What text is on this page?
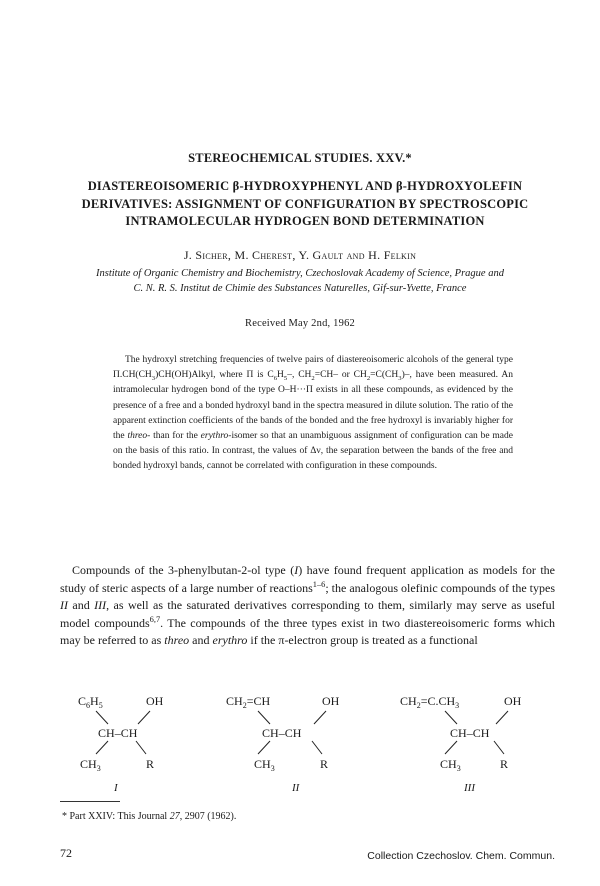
STEREOCHEMICAL STUDIES. XXV.*
DIASTEREOISOMERIC β-HYDROXYPHENYL AND β-HYDROXYOLEFIN
DERIVATIVES: ASSIGNMENT OF CONFIGURATION BY SPECTROSCOPIC
INTRAMOLECULAR HYDROGEN BOND DETERMINATION
J. Sicher, M. Cherest, Y. Gault and H. Felkin
Institute of Organic Chemistry and Biochemistry, Czechoslovak Academy of Science, Prague and
C. N. R. S. Institut de Chimie des Substances Naturelles, Gif-sur-Yvette, France
Received May 2nd, 1962

The hydroxyl stretching frequencies of twelve pairs of diastereoisomeric alcohols of the general type $\Pi.CH(CH_3)CH(OH)Alkyl$, where Π is $C_6H_5-$, $CH_2=CH-$ or $CH_2=C(CH_3)-$, have been measured. An intramolecular hydrogen bond of the type O–H···Π exists in all these compounds, as evidenced by the presence of a free and a bonded hydroxyl band in the spectra measured in dilute solution. The ratio of the apparent extinction coefficients of the bands of the bonded and the free hydroxyl is invariably higher for the threo- than for the erythro-isomer so that an unambiguous assignment of configuration can be made on the basis of this ratio. In contrast, the values of Δν, the separation between the bands of the free and bonded hydroxyl bands, cannot be correlated with configuration in these compounds.

Compounds of the 3-phenylbutan-2-ol type (I) have found frequent application as models for the study of steric aspects of a large number of reactions$^{1-6}$; the analogous olefinic compounds of the types II and III, as well as the saturated derivatives corresponding to them, similarly may serve as useful model compounds$^{6,7}$. The compounds of the three types exist in two diastereoisomeric forms which may be referred to as threo and erythro if the π-electron group is treated as a functional

$C_6H_5$	OH
CH–CH
$CH_3$	R
$CH_2=CH$	OH
CH–CH
$CH_3$	R
$CH_2=C.CH_3$	OH
CH–CH
$CH_3$	R
I	II	III
* Part XXIV: This Journal 27, 2907 (1962).
72	Collection Czechoslov. Chem. Commun.
